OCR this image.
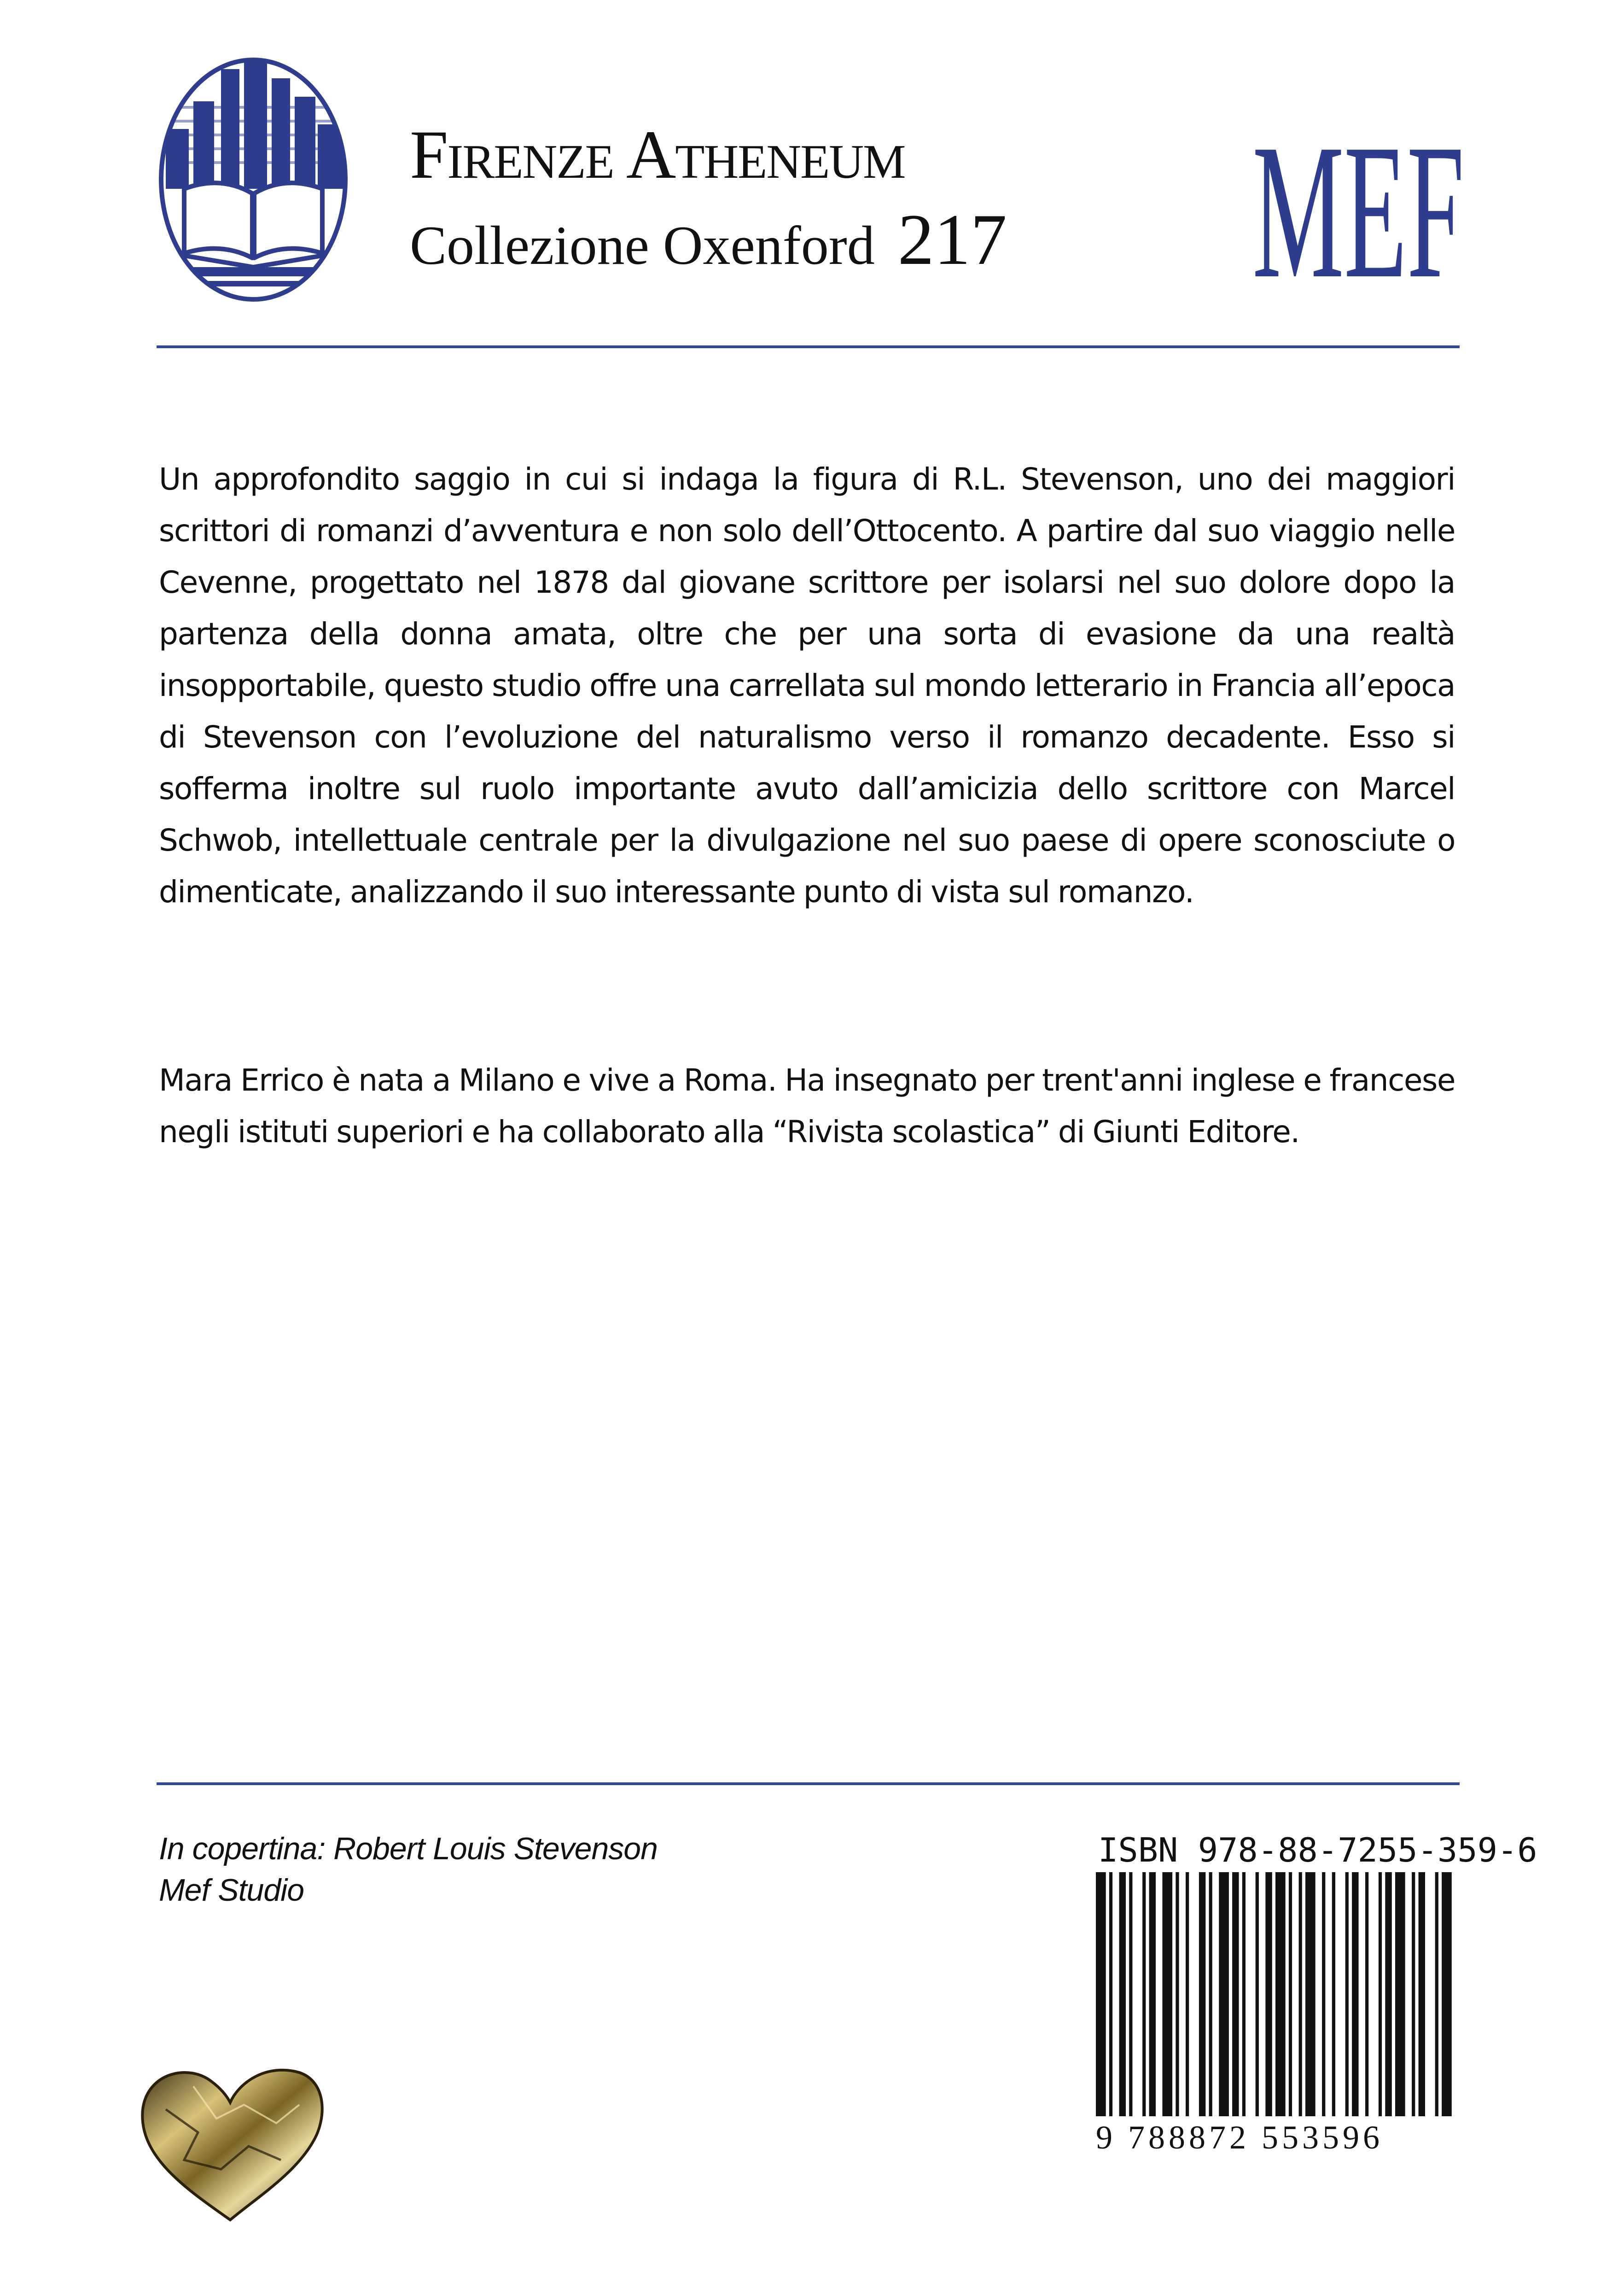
Firenze Atheneum
Collezione Oxenford 217 MEF

Un approfondito saggio in cui si indaga la figura di R.L. Stevenson, uno dei maggiori scrittori di romanzi d’avventura e non solo dell’Ottocento. A partire dal suo viaggio nelle Cevenne, progettato nel 1878 dal giovane scrittore per isolarsi nel suo dolore dopo la partenza della donna amata, oltre che per una sorta di evasione da una realtà insopportabile, questo studio offre una carrellata sul mondo letterario in Francia all’epoca di Stevenson con l’evoluzione del naturalismo verso il romanzo decadente. Esso si sofferma inoltre sul ruolo importante avuto dall’amicizia dello scrittore con Marcel Schwob, intellettuale centrale per la divulgazione nel suo paese di opere sconosciute o dimenticate, analizzando il suo interessante punto di vista sul romanzo.

Mara Errico è nata a Milano e vive a Roma. Ha insegnato per trent'anni inglese e francese negli istituti superiori e ha collaborato alla “Rivista scolastica” di Giunti Editore.

In copertina: Robert Louis Stevenson
Mef Studio
ISBN 978-88-7255-359-6
9 788872 553596
